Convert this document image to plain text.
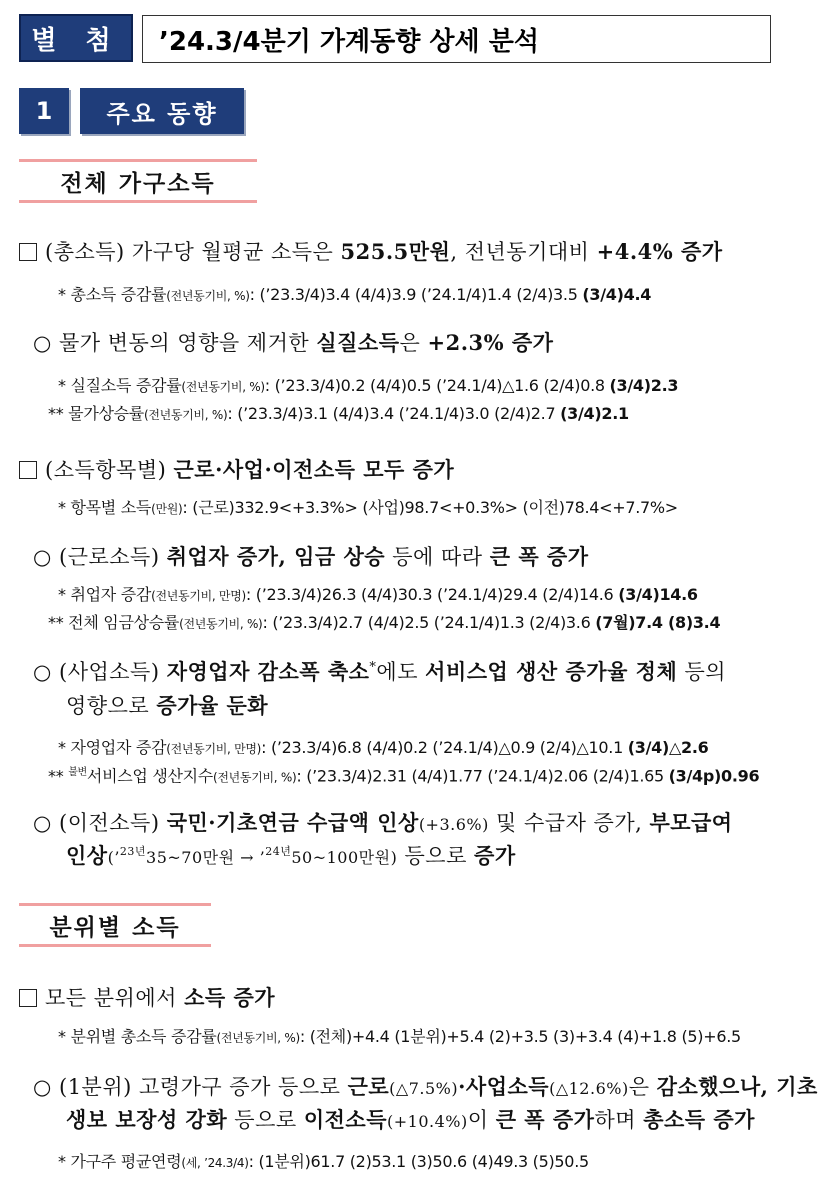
별 첨	’24.3/4분기 가계동향 상세 분석
1	주요 동향
전체 가구소득
(총소득) 가구당 월평균 소득은 525.5만원, 전년동기대비 +4.4% 증가
* 총소득 증감률(전년동기비, %): (’23.3/4)3.4 (4/4)3.9 (’24.1/4)1.4 (2/4)3.5 (3/4)4.4
○ 물가 변동의 영향을 제거한 실질소득은 +2.3% 증가
* 실질소득 증감률(전년동기비, %): (’23.3/4)0.2 (4/4)0.5 (’24.1/4)△1.6 (2/4)0.8 (3/4)2.3
** 물가상승률(전년동기비, %): (’23.3/4)3.1 (4/4)3.4 (’24.1/4)3.0 (2/4)2.7 (3/4)2.1
(소득항목별) 근로·사업·이전소득 모두 증가
* 항목별 소득(만원): (근로)332.9<+3.3%> (사업)98.7<+0.3%> (이전)78.4<+7.7%>
○ (근로소득) 취업자 증가, 임금 상승 등에 따라 큰 폭 증가
* 취업자 증감(전년동기비, 만명): (’23.3/4)26.3 (4/4)30.3 (’24.1/4)29.4 (2/4)14.6 (3/4)14.6
** 전체 임금상승률(전년동기비, %): (’23.3/4)2.7 (4/4)2.5 (’24.1/4)1.3 (2/4)3.6 (7월)7.4 (8)3.4
○ (사업소득) 자영업자 감소폭 축소*에도 서비스업 생산 증가율 정체 등의
영향으로 증가율 둔화
* 자영업자 증감(전년동기비, 만명): (’23.3/4)6.8 (4/4)0.2 (’24.1/4)△0.9 (2/4)△10.1 (3/4)△2.6
** $^{불변}$서비스업 생산지수(전년동기비, %): (’23.3/4)2.31 (4/4)1.77 (’24.1/4)2.06 (2/4)1.65 (3/4p)0.96
○ (이전소득) 국민·기초연금 수급액 인상(+3.6%) 및 수급자 증가, 부모급여
인상(’$^{23년}$35~70만원 → ’$^{24년}$50~100만원) 등으로 증가
분위별 소득
모든 분위에서 소득 증가
* 분위별 총소득 증감률(전년동기비, %): (전체)+4.4 (1분위)+5.4 (2)+3.5 (3)+3.4 (4)+1.8 (5)+6.5
○ (1분위) 고령가구 증가 등으로 근로(△7.5%)·사업소득(△12.6%)은 감소했으나, 기초
생보 보장성 강화 등으로 이전소득(+10.4%)이 큰 폭 증가하며 총소득 증가
* 가구주 평균연령(세, ’24.3/4): (1분위)61.7 (2)53.1 (3)50.6 (4)49.3 (5)50.5
